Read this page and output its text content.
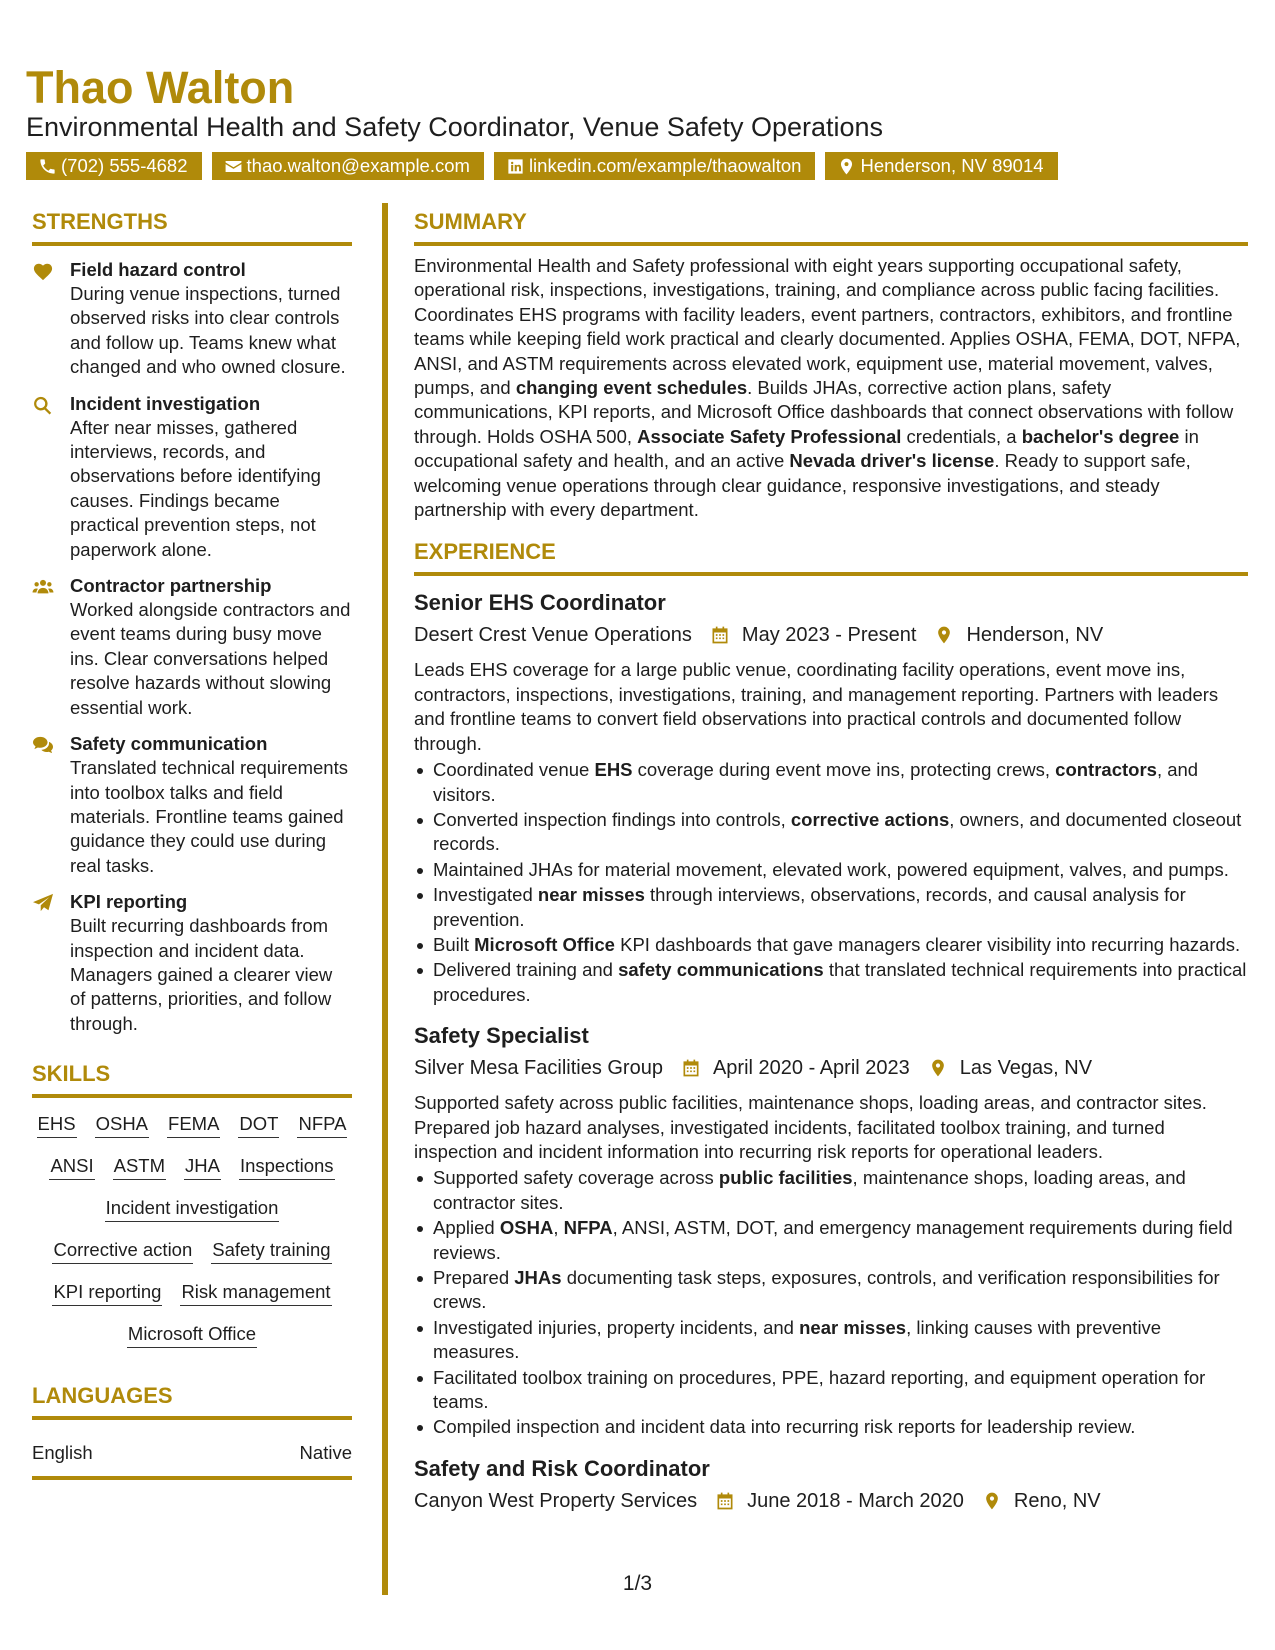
Thao Walton
Environmental Health and Safety Coordinator, Venue Safety Operations
(702) 555-4682	thao.walton@example.com	linkedin.com/example/thaowalton	Henderson, NV 89014
STRENGTHS
Field hazard control
During venue inspections, turned observed risks into clear controls and follow up. Teams knew what changed and who owned closure.
Incident investigation
After near misses, gathered interviews, records, and observations before identifying causes. Findings became practical prevention steps, not paperwork alone.
Contractor partnership
Worked alongside contractors and event teams during busy move ins. Clear conversations helped resolve hazards without slowing essential work.
Safety communication
Translated technical requirements into toolbox talks and field materials. Frontline teams gained guidance they could use during real tasks.
KPI reporting
Built recurring dashboards from inspection and incident data. Managers gained a clearer view of patterns, priorities, and follow through.
SKILLS
EHS OSHA FEMA DOT NFPA
ANSI ASTM JHA Inspections
Incident investigation
Corrective action Safety training
KPI reporting Risk management
Microsoft Office
LANGUAGES
English	Native
SUMMARY
Environmental Health and Safety professional with eight years supporting occupational safety, operational risk, inspections, investigations, training, and compliance across public facing facilities. Coordinates EHS programs with facility leaders, event partners, contractors, exhibitors, and frontline teams while keeping field work practical and clearly documented. Applies OSHA, FEMA, DOT, NFPA, ANSI, and ASTM requirements across elevated work, equipment use, material movement, valves, pumps, and changing event schedules. Builds JHAs, corrective action plans, safety communications, KPI reports, and Microsoft Office dashboards that connect observations with follow through. Holds OSHA 500, Associate Safety Professional credentials, a bachelor's degree in occupational safety and health, and an active Nevada driver's license. Ready to support safe, welcoming venue operations through clear guidance, responsive investigations, and steady partnership with every department.
EXPERIENCE
Senior EHS Coordinator
Desert Crest Venue Operations	May 2023 - Present	Henderson, NV
Leads EHS coverage for a large public venue, coordinating facility operations, event move ins, contractors, inspections, investigations, training, and management reporting. Partners with leaders and frontline teams to convert field observations into practical controls and documented follow through.
Coordinated venue EHS coverage during event move ins, protecting crews, contractors, and visitors.
Converted inspection findings into controls, corrective actions, owners, and documented closeout records.
Maintained JHAs for material movement, elevated work, powered equipment, valves, and pumps.
Investigated near misses through interviews, observations, records, and causal analysis for prevention.
Built Microsoft Office KPI dashboards that gave managers clearer visibility into recurring hazards.
Delivered training and safety communications that translated technical requirements into practical procedures.
Safety Specialist
Silver Mesa Facilities Group	April 2020 - April 2023	Las Vegas, NV
Supported safety across public facilities, maintenance shops, loading areas, and contractor sites. Prepared job hazard analyses, investigated incidents, facilitated toolbox training, and turned inspection and incident information into recurring risk reports for operational leaders.
Supported safety coverage across public facilities, maintenance shops, loading areas, and contractor sites.
Applied OSHA, NFPA, ANSI, ASTM, DOT, and emergency management requirements during field reviews.
Prepared JHAs documenting task steps, exposures, controls, and verification responsibilities for crews.
Investigated injuries, property incidents, and near misses, linking causes with preventive measures.
Facilitated toolbox training on procedures, PPE, hazard reporting, and equipment operation for teams.
Compiled inspection and incident data into recurring risk reports for leadership review.
Safety and Risk Coordinator
Canyon West Property Services	June 2018 - March 2020	Reno, NV
1/3
